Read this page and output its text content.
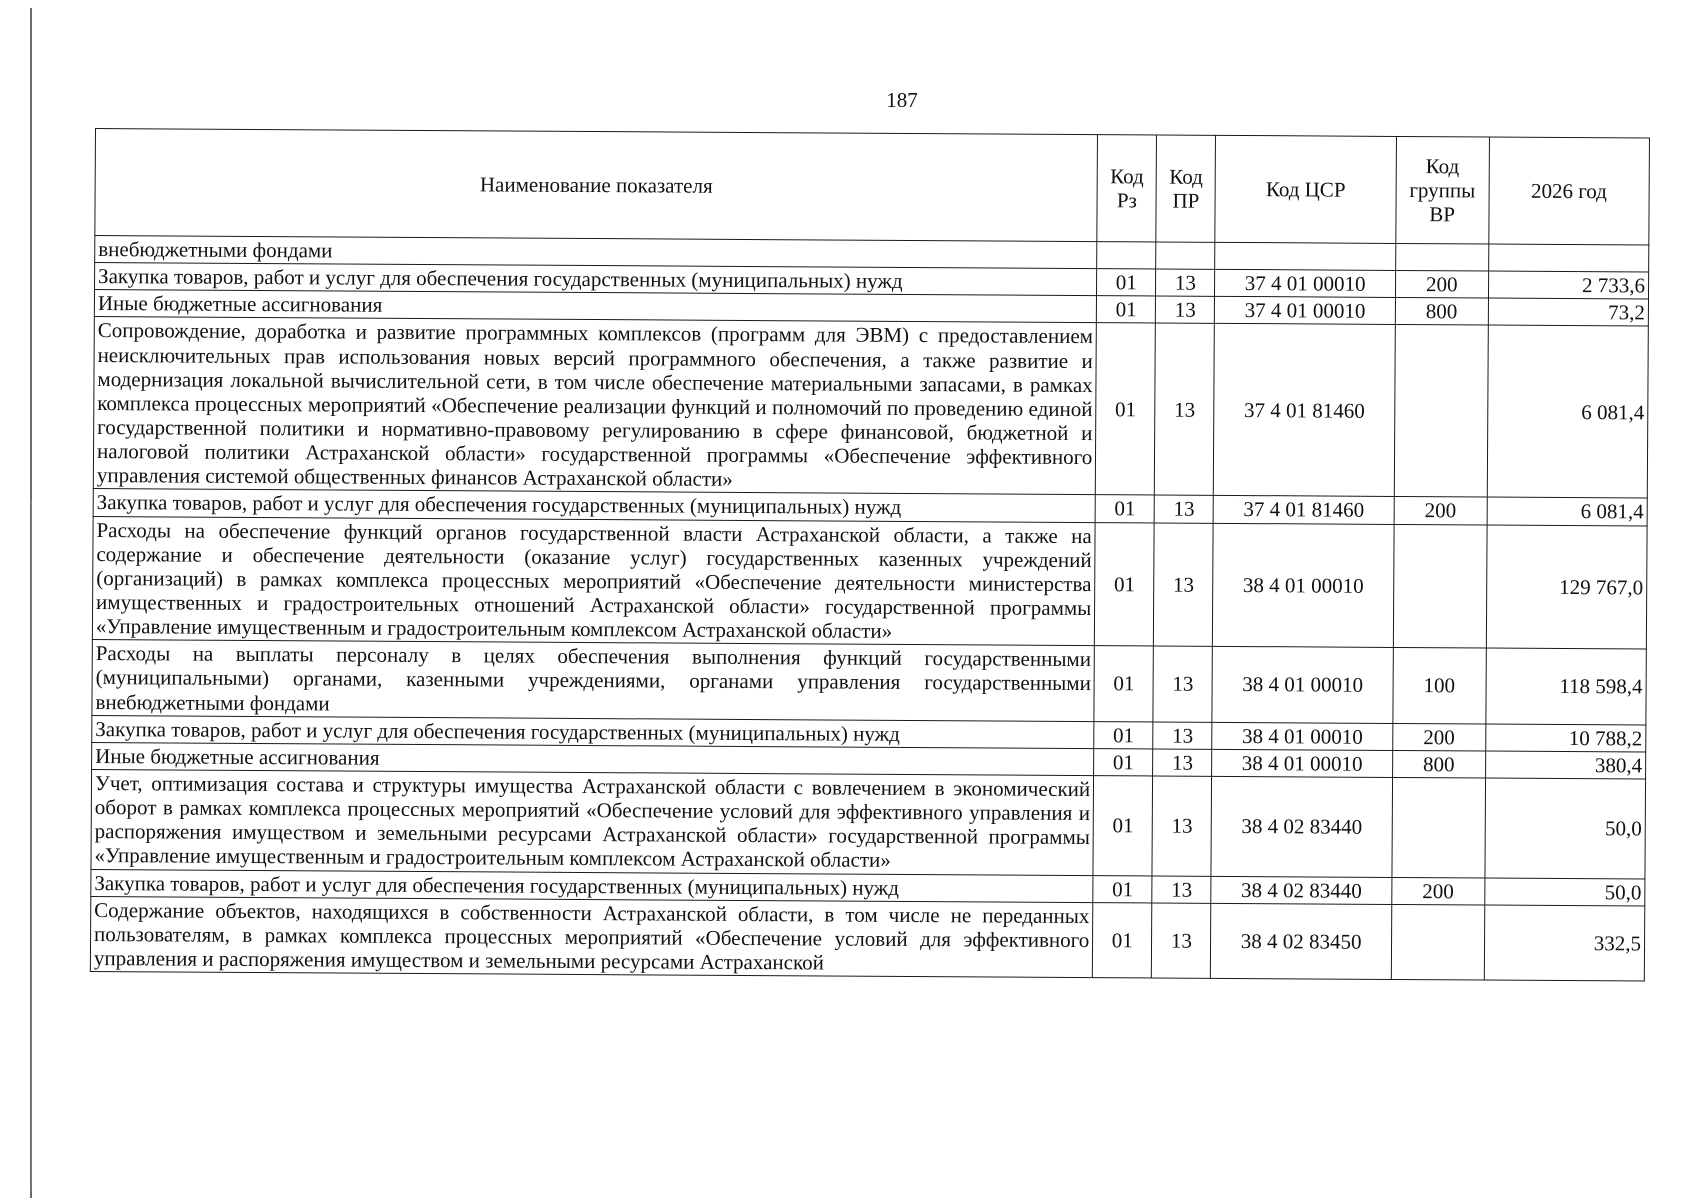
187
Наименование показателя	Код Рз	Код ПР	Код ЦСР	Код группы ВР	2026 год
внебюджетными фондами					
Закупка товаров, работ и услуг для обеспечения государственных (муниципальных) нужд	01	13	37 4 01 00010	200	2 733,6
Иные бюджетные ассигнования	01	13	37 4 01 00010	800	73,2
Сопровождение, доработка и развитие программных комплексов (программ для ЭВМ) с предоставлением неисключительных прав использования новых версий программного обеспечения, а также развитие и модернизация локальной вычислительной сети, в том числе обеспечение материальными запасами, в рамках комплекса процессных мероприятий «Обеспечение реализации функций и полномочий по проведению единой государственной политики и нормативно-правовому регулированию в сфере финансовой, бюджетной и налоговой политики Астраханской области» государственной программы «Обеспечение эффективного управления системой общественных финансов Астраханской области»	01	13	37 4 01 81460		6 081,4
Закупка товаров, работ и услуг для обеспечения государственных (муниципальных) нужд	01	13	37 4 01 81460	200	6 081,4
Расходы на обеспечение функций органов государственной власти Астраханской области, а также на содержание и обеспечение деятельности (оказание услуг) государственных казенных учреждений (организаций) в рамках комплекса процессных мероприятий «Обеспечение деятельности министерства имущественных и градостроительных отношений Астраханской области» государственной программы «Управление имущественным и градостроительным комплексом Астраханской области»	01	13	38 4 01 00010		129 767,0
Расходы на выплаты персоналу в целях обеспечения выполнения функций государственными (муниципальными) органами, казенными учреждениями, органами управления государственными внебюджетными фондами	01	13	38 4 01 00010	100	118 598,4
Закупка товаров, работ и услуг для обеспечения государственных (муниципальных) нужд	01	13	38 4 01 00010	200	10 788,2
Иные бюджетные ассигнования	01	13	38 4 01 00010	800	380,4
Учет, оптимизация состава и структуры имущества Астраханской области с вовлечением в экономический оборот в рамках комплекса процессных мероприятий «Обеспечение условий для эффективного управления и распоряжения имуществом и земельными ресурсами Астраханской области» государственной программы «Управление имущественным и градостроительным комплексом Астраханской области»	01	13	38 4 02 83440		50,0
Закупка товаров, работ и услуг для обеспечения государственных (муниципальных) нужд	01	13	38 4 02 83440	200	50,0
Содержание объектов, находящихся в собственности Астраханской области, в том числе не переданных пользователям, в рамках комплекса процессных мероприятий «Обеспечение условий для эффективного управления и распоряжения имуществом и земельными ресурсами Астраханской	01	13	38 4 02 83450		332,5
